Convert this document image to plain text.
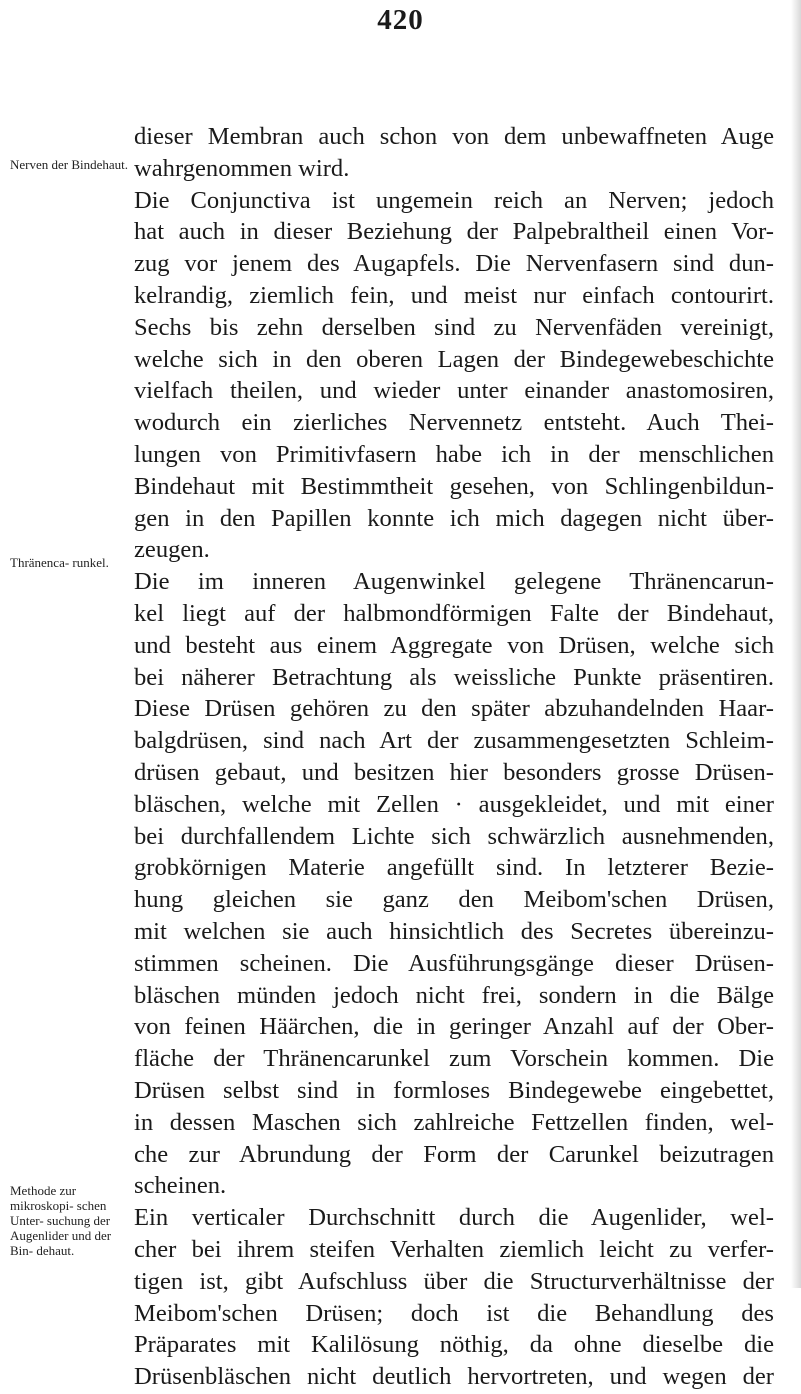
420
Nerven der Bindehaut.
Thränenca- runkel.
Methode zur mikroskopi- schen Unter- suchung der Augenlider und der Bin- dehaut.
dieser Membran auch schon von dem unbewaffneten Auge
wahrgenommen wird.
Die Conjunctiva ist ungemein reich an Nerven; jedoch
hat auch in dieser Beziehung der Palpebraltheil einen Vor-
zug vor jenem des Augapfels. Die Nervenfasern sind dun-
kelrandig, ziemlich fein, und meist nur einfach contourirt.
Sechs bis zehn derselben sind zu Nervenfäden vereinigt,
welche sich in den oberen Lagen der Bindegewebeschichte
vielfach theilen, und wieder unter einander anastomosiren,
wodurch ein zierliches Nervennetz entsteht. Auch Thei-
lungen von Primitivfasern habe ich in der menschlichen
Bindehaut mit Bestimmtheit gesehen, von Schlingenbildun-
gen in den Papillen konnte ich mich dagegen nicht über-
zeugen.
Die im inneren Augenwinkel gelegene Thränencarun-
kel liegt auf der halbmondförmigen Falte der Bindehaut,
und besteht aus einem Aggregate von Drüsen, welche sich
bei näherer Betrachtung als weissliche Punkte präsentiren.
Diese Drüsen gehören zu den später abzuhandelnden Haar-
balgdrüsen, sind nach Art der zusammengesetzten Schleim-
drüsen gebaut, und besitzen hier besonders grosse Drüsen-
bläschen, welche mit Zellen · ausgekleidet, und mit einer
bei durchfallendem Lichte sich schwärzlich ausnehmenden,
grobkörnigen Materie angefüllt sind. In letzterer Bezie-
hung gleichen sie ganz den Meibom'schen Drüsen,
mit welchen sie auch hinsichtlich des Secretes übereinzu-
stimmen scheinen. Die Ausführungsgänge dieser Drüsen-
bläschen münden jedoch nicht frei, sondern in die Bälge
von feinen Häärchen, die in geringer Anzahl auf der Ober-
fläche der Thränencarunkel zum Vorschein kommen. Die
Drüsen selbst sind in formloses Bindegewebe eingebettet,
in dessen Maschen sich zahlreiche Fettzellen finden, wel-
che zur Abrundung der Form der Carunkel beizutragen
scheinen.
Ein verticaler Durchschnitt durch die Augenlider, wel-
cher bei ihrem steifen Verhalten ziemlich leicht zu verfer-
tigen ist, gibt Aufschluss über die Structurverhältnisse der
Meibom'schen Drüsen; doch ist die Behandlung des
Präparates mit Kalilösung nöthig, da ohne dieselbe die
Drüsenbläschen nicht deutlich hervortreten, und wegen der
